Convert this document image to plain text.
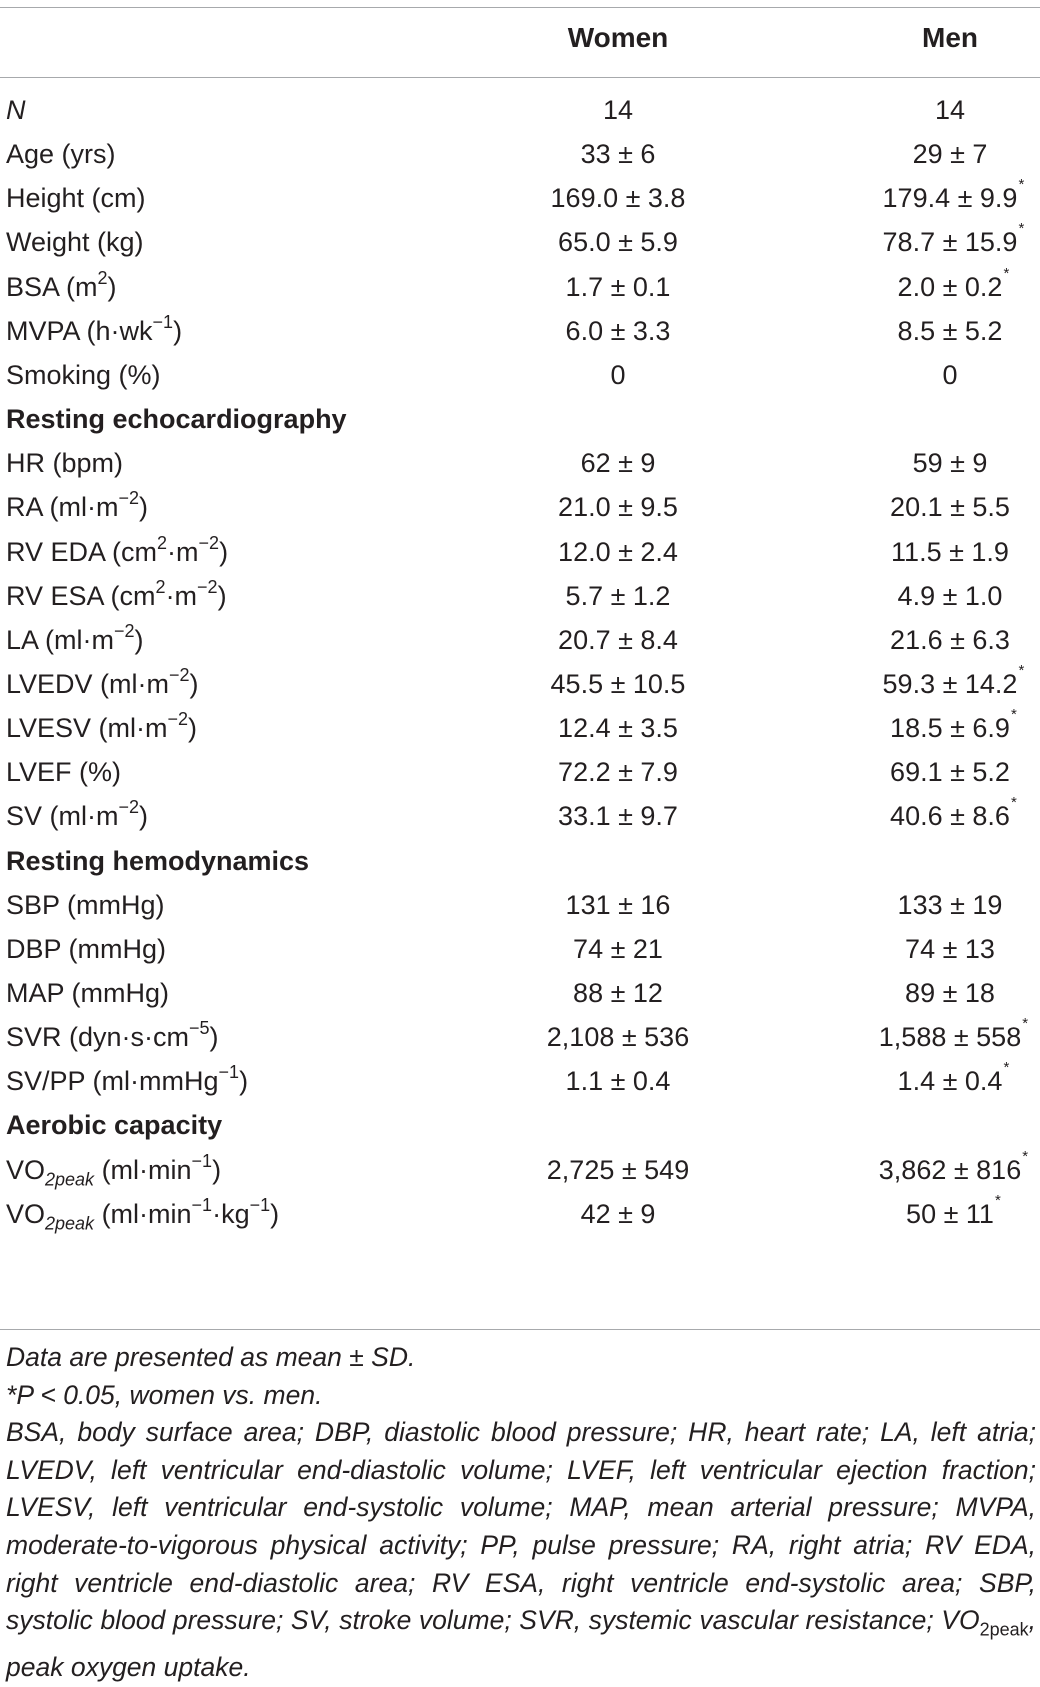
Women	Men
N	14	14
Age (yrs)	33 ± 6	29 ± 7
Height (cm)	169.0 ± 3.8	179.4 ± 9.9 *
Weight (kg)	65.0 ± 5.9	78.7 ± 15.9 *
BSA $(m^2)$	1.7 ± 0.1	2.0 ± 0.2 *
MVPA $(h\cdot wk^{-1})$	6.0 ± 3.3	8.5 ± 5.2
Smoking (%)	0	0
Resting echocardiography
HR (bpm)	62 ± 9	59 ± 9
RA $(ml\cdot m^{-2})$	21.0 ± 9.5	20.1 ± 5.5
RV EDA $(cm^2\cdot m^{-2})$	12.0 ± 2.4	11.5 ± 1.9
RV ESA $(cm^2\cdot m^{-2})$	5.7 ± 1.2	4.9 ± 1.0
LA $(ml\cdot m^{-2})$	20.7 ± 8.4	21.6 ± 6.3
LVEDV $(ml\cdot m^{-2})$	45.5 ± 10.5	59.3 ± 14.2 *
LVESV $(ml\cdot m^{-2})$	12.4 ± 3.5	18.5 ± 6.9 *
LVEF (%)	72.2 ± 7.9	69.1 ± 5.2
SV $(ml\cdot m^{-2})$	33.1 ± 9.7	40.6 ± 8.6 *
Resting hemodynamics
SBP (mmHg)	131 ± 16	133 ± 19
DBP (mmHg)	74 ± 21	74 ± 13
MAP (mmHg)	88 ± 12	89 ± 18
SVR $(dyn\cdot s\cdot cm^{-5})$	2,108 ± 536	1,588 ± 558 *
SV/PP (ml·mmHg$^{-1}$)	1.1 ± 0.4	1.4 ± 0.4 *
Aerobic capacity
$VO_{2peak}$ $(ml\cdot\min^{-1})$	2,725 ± 549	3,862 ± 816 *
$VO_{2peak}$ $(ml\cdot\min^{-1}\cdot kg^{-1})$	42 ± 9	50 ± 11 *

Data are presented as mean ± SD.

*P < 0.05, women vs. men.

BSA, body surface area; DBP, diastolic blood pressure; HR, heart rate; LA, left atria; LVEDV, left ventricular end-diastolic volume; LVEF, left ventricular ejection fraction; LVESV, left ventricular end-systolic volume; MAP, mean arterial pressure; MVPA, moderate-to-vigorous physical activity; PP, pulse pressure; RA, right atria; RV EDA, right ventricle end-diastolic area; RV ESA, right ventricle end-systolic area; SBP, systolic blood pressure; SV, stroke volume; SVR, systemic vascular resistance; $VO_{2peak}$, peak oxygen uptake.
